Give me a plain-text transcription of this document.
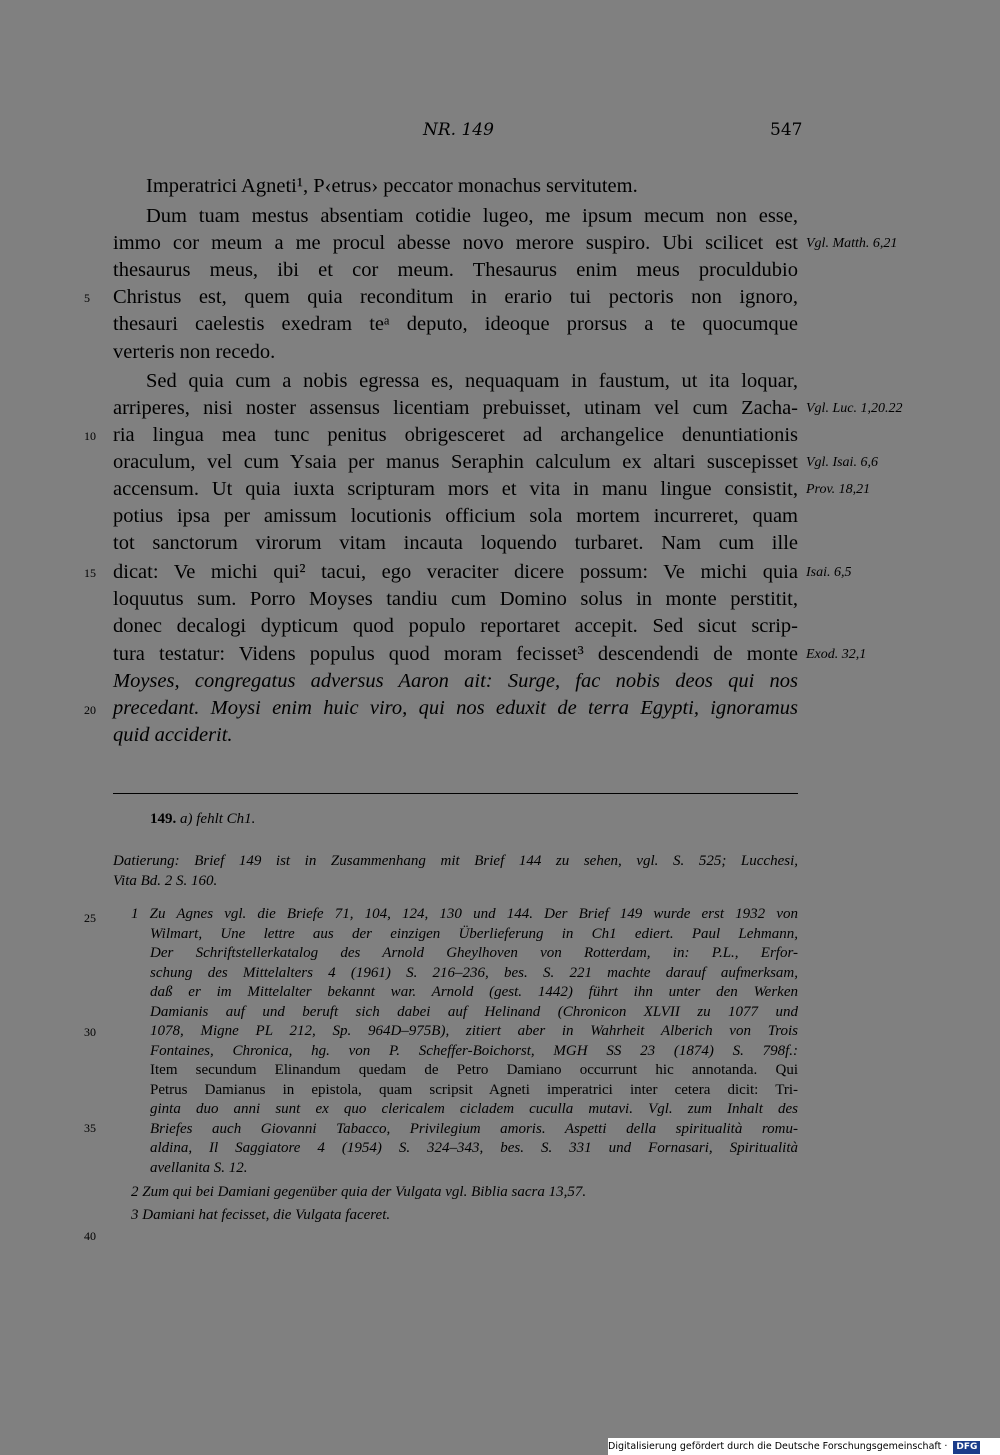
NR. 149	547
Imperatrici Agneti¹, P‹etrus› peccator monachus servitutem.
Dum tuam mestus absentiam cotidie lugeo, me ipsum mecum non esse,
immo cor meum a me procul abesse novo merore suspiro. Ubi scilicet est
thesaurus meus, ibi et cor meum. Thesaurus enim meus proculdubio
Christus est, quem quia reconditum in erario tui pectoris non ignoro,
thesauri caelestis exedram teᵃ deputo, ideoque prorsus a te quocumque
verteris non recedo.
Sed quia cum a nobis egressa es, nequaquam in faustum, ut ita loquar,
arriperes, nisi noster assensus licentiam prebuisset, utinam vel cum Zacha-
ria lingua mea tunc penitus obrigesceret ad archangelice denuntiationis
oraculum, vel cum Ysaia per manus Seraphin calculum ex altari suscepisset
accensum. Ut quia iuxta scripturam mors et vita in manu lingue consistit,
potius ipsa per amissum locutionis officium sola mortem incurreret, quam
tot sanctorum virorum vitam incauta loquendo turbaret. Nam cum ille
dicat: Ve michi qui² tacui, ego veraciter dicere possum: Ve michi quia
loquutus sum. Porro Moyses tandiu cum Domino solus in monte perstitit,
donec decalogi dypticum quod populo reportaret accepit. Sed sicut scrip-
tura testatur: Videns populus quod moram fecisset³ descendendi de monte
Moyses, congregatus adversus Aaron ait: Surge, fac nobis deos qui nos
precedant. Moysi enim huic viro, qui nos eduxit de terra Egypti, ignoramus
quid acciderit.
5
10
15
20
25
30
35
40
Vgl. Matth. 6,21
Vgl. Luc. 1,20.22
Vgl. Isai. 6,6
Prov. 18,21
Isai. 6,5
Exod. 32,1
149. a) fehlt Ch1.
Datierung: Brief 149 ist in Zusammenhang mit Brief 144 zu sehen, vgl. S. 525; Lucchesi,
Vita Bd. 2 S. 160.
1 Zu Agnes vgl. die Briefe 71, 104, 124, 130 und 144. Der Brief 149 wurde erst 1932 von
Wilmart, Une lettre aus der einzigen Überlieferung in Ch1 ediert. Paul Lehmann,
Der Schriftstellerkatalog des Arnold Gheylhoven von Rotterdam, in: P.L., Erfor-
schung des Mittelalters 4 (1961) S. 216–236, bes. S. 221 machte darauf aufmerksam,
daß er im Mittelalter bekannt war. Arnold (gest. 1442) führt ihn unter den Werken
Damianis auf und beruft sich dabei auf Helinand (Chronicon XLVII zu 1077 und
1078, Migne PL 212, Sp. 964D–975B), zitiert aber in Wahrheit Alberich von Trois
Fontaines, Chronica, hg. von P. Scheffer-Boichorst, MGH SS 23 (1874) S. 798f.:
Item secundum Elinandum quedam de Petro Damiano occurrunt hic annotanda. Qui
Petrus Damianus in epistola, quam scripsit Agneti imperatrici inter cetera dicit: Tri-
ginta duo anni sunt ex quo clericalem cicladem cuculla mutavi. Vgl. zum Inhalt des
Briefes auch Giovanni Tabacco, Privilegium amoris. Aspetti della spiritualità romu-
aldina, Il Saggiatore 4 (1954) S. 324–343, bes. S. 331 und Fornasari, Spiritualità
avellanita S. 12.
2 Zum qui bei Damiani gegenüber quia der Vulgata vgl. Biblia sacra 13,57.
3 Damiani hat fecisset, die Vulgata faceret.
Digitalisierung gefördert durch die Deutsche Forschungsgemeinschaft · DFG
